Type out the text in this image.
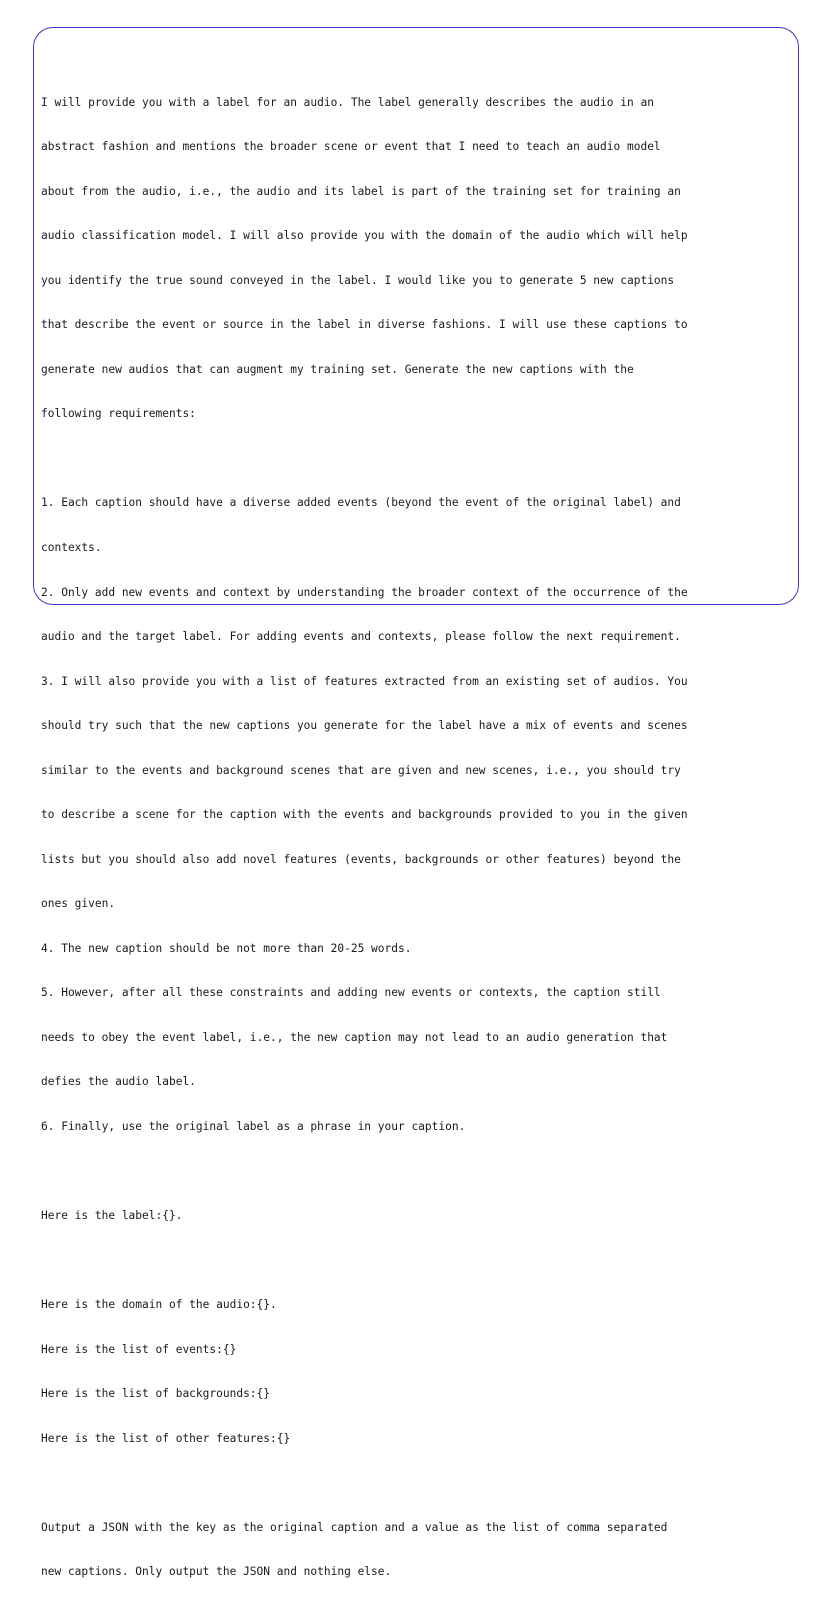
I will provide you with a label for an audio. The label generally describes the audio in an

abstract fashion and mentions the broader scene or event that I need to teach an audio model

about from the audio, i.e., the audio and its label is part of the training set for training an

audio classification model. I will also provide you with the domain of the audio which will help

you identify the true sound conveyed in the label. I would like you to generate 5 new captions

that describe the event or source in the label in diverse fashions. I will use these captions to

generate new audios that can augment my training set. Generate the new captions with the

following requirements:

1. Each caption should have a diverse added events (beyond the event of the original label) and

contexts.

2. Only add new events and context by understanding the broader context of the occurrence of the

audio and the target label. For adding events and contexts, please follow the next requirement.

3. I will also provide you with a list of features extracted from an existing set of audios. You

should try such that the new captions you generate for the label have a mix of events and scenes

similar to the events and background scenes that are given and new scenes, i.e., you should try

to describe a scene for the caption with the events and backgrounds provided to you in the given

lists but you should also add novel features (events, backgrounds or other features) beyond the

ones given.

4. The new caption should be not more than 20-25 words.

5. However, after all these constraints and adding new events or contexts, the caption still

needs to obey the event label, i.e., the new caption may not lead to an audio generation that

defies the audio label.

6. Finally, use the original label as a phrase in your caption.

Here is the label:{}.

Here is the domain of the audio:{}.

Here is the list of events:{}

Here is the list of backgrounds:{}

Here is the list of other features:{}

Output a JSON with the key as the original caption and a value as the list of comma separated

new captions. Only output the JSON and nothing else.
